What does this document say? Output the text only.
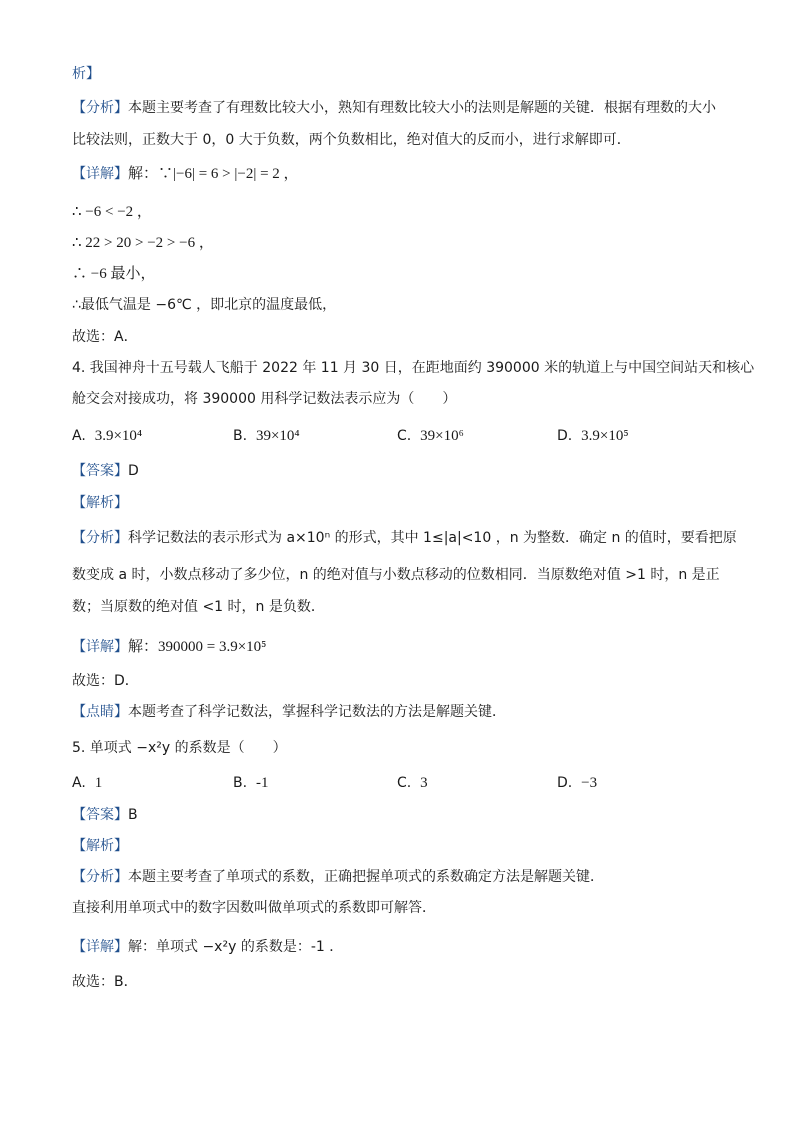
析】
【分析】本题主要考查了有理数比较大小，熟知有理数比较大小的法则是解题的关键．根据有理数的大小
比较法则，正数大于 0，0 大于负数，两个负数相比，绝对值大的反而小，进行求解即可．
【详解】解：∵|−6| = 6 > |−2| = 2 ，
∴ −6 < −2 ，
∴ 22 > 20 > −2 > −6 ，
∴ −6 最小，
∴最低气温是 −6℃ ，即北京的温度最低，
故选：A．
4. 我国神舟十五号载人飞船于 2022 年 11 月 30 日，在距地面约 390000 米的轨道上与中国空间站天和核心
舱交会对接成功，将 390000 用科学记数法表示应为（　　）
A. 3.9×10⁴	B. 39×10⁴	C. 39×10⁶	D. 3.9×10⁵
【答案】D
【解析】
【分析】科学记数法的表示形式为 a×10ⁿ 的形式，其中 1≤|a|<10 ，n 为整数．确定 n 的值时，要看把原
数变成 a 时，小数点移动了多少位，n 的绝对值与小数点移动的位数相同．当原数绝对值 >1 时，n 是正
数；当原数的绝对值 <1 时，n 是负数．
【详解】解：390000 = 3.9×10⁵
故选：D．
【点睛】本题考查了科学记数法，掌握科学记数法的方法是解题关键．
5. 单项式 −x²y 的系数是（　　）
A. 1	B. -1	C. 3	D. −3
【答案】B
【解析】
【分析】本题主要考查了单项式的系数，正确把握单项式的系数确定方法是解题关键．
直接利用单项式中的数字因数叫做单项式的系数即可解答．
【详解】解：单项式 −x²y 的系数是：-1 ．
故选：B．
